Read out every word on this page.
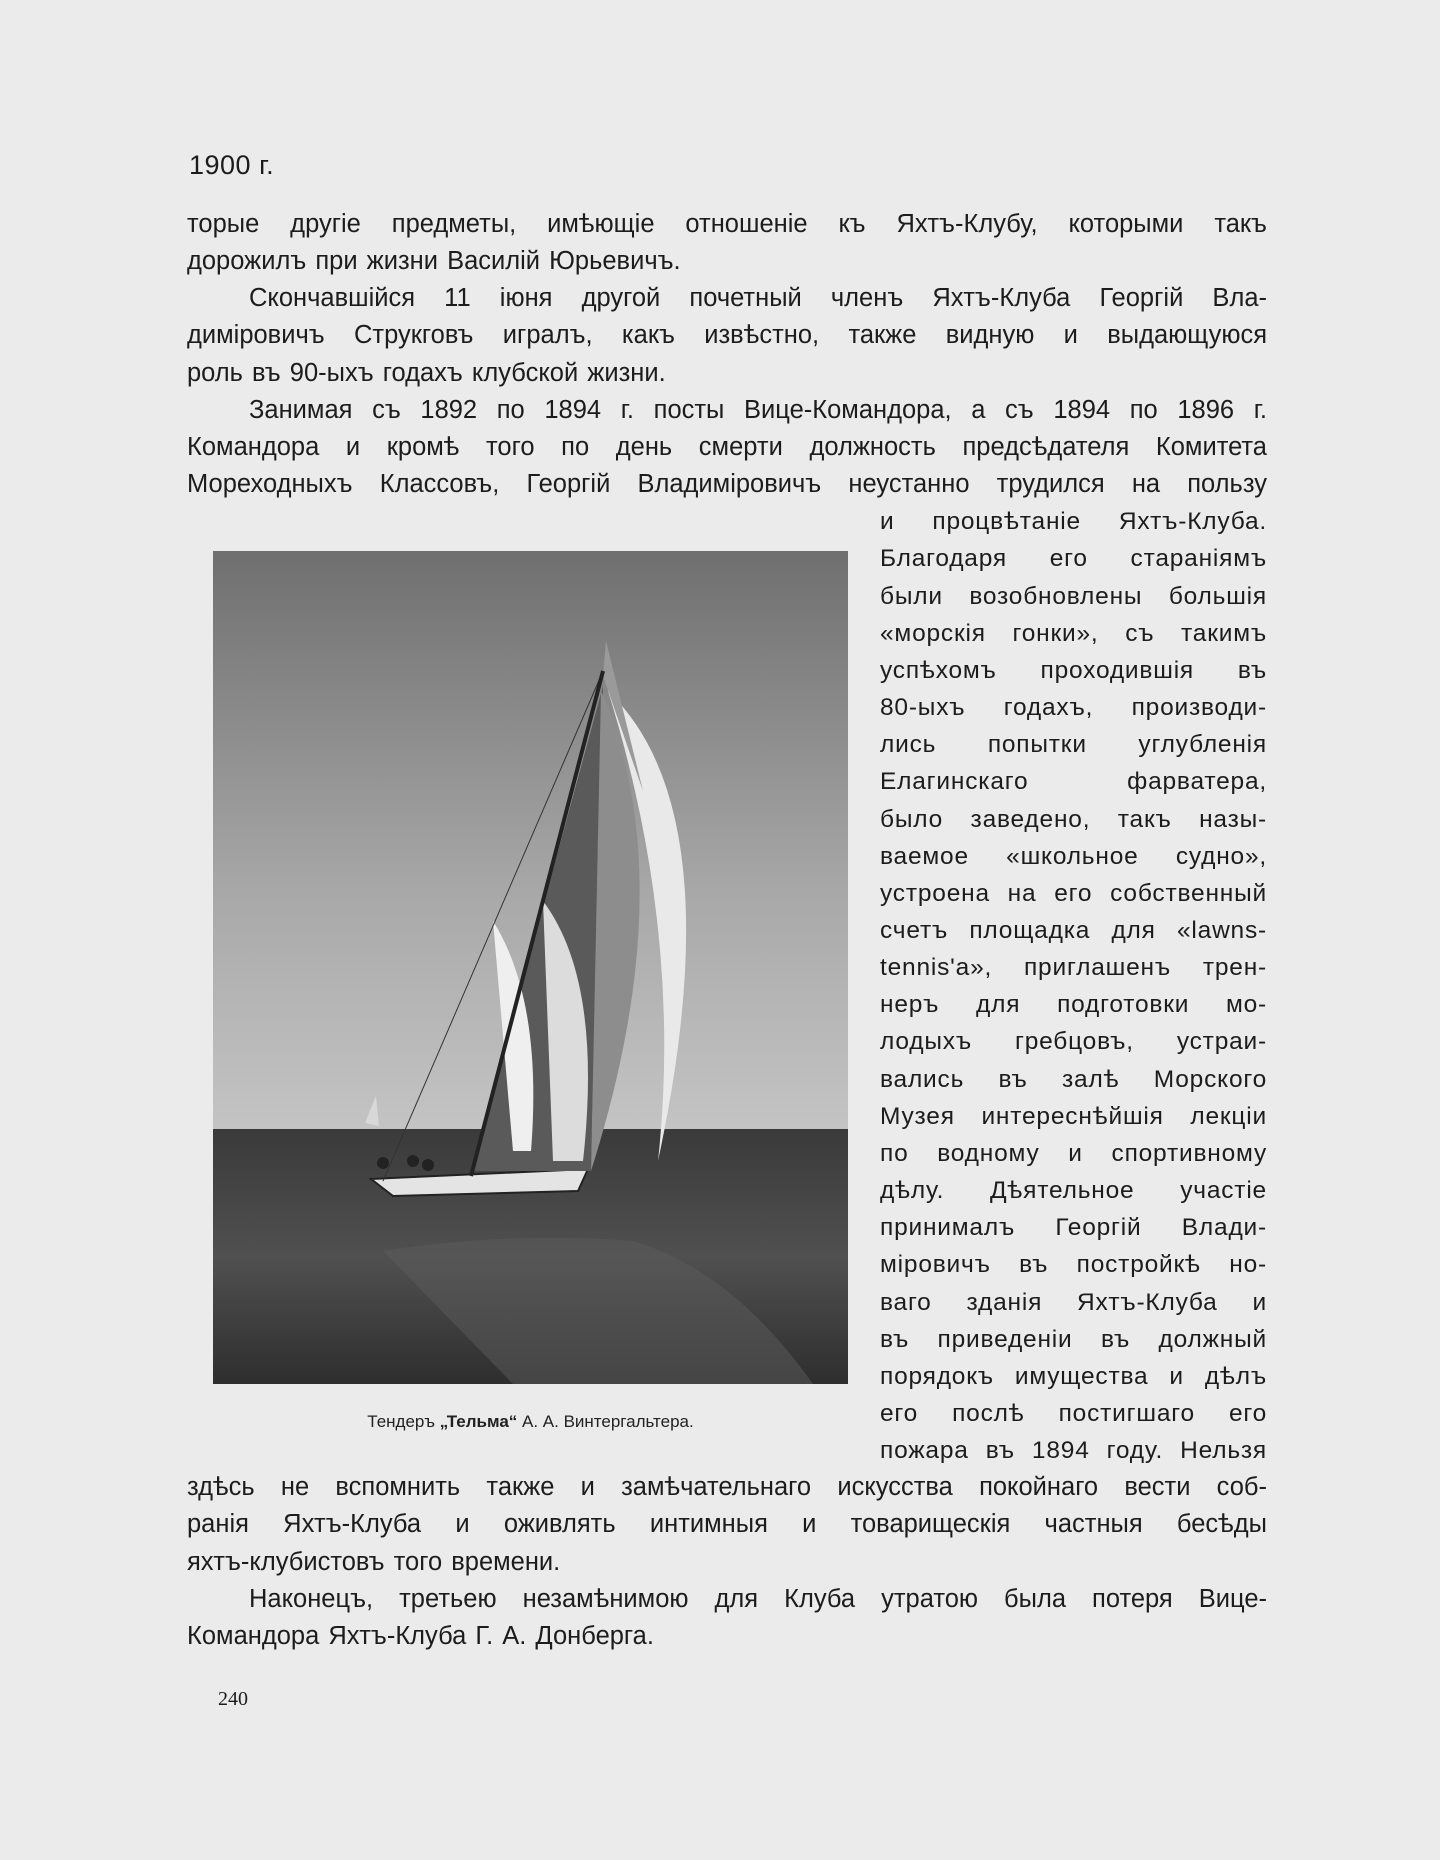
1900 г.
торые другіе предметы, имѣющіе отношеніе къ Яхтъ-Клубу, которыми такъ
дорожилъ при жизни Василій Юрьевичъ.
Скончавшійся 11 іюня другой почетный членъ Яхтъ-Клуба Георгій Вла-
диміровичъ Струкговъ игралъ, какъ извѣстно, также видную и выдающуюся
роль въ 90-ыхъ годахъ клубской жизни.
Занимая съ 1892 по 1894 г. посты Вице-Командора, а съ 1894 по 1896 г.
Командора и кромѣ того по день смерти должность предсѣдателя Комитета
Мореходныхъ Классовъ, Георгій Владиміровичъ неустанно трудился на пользу
и процвѣтаніе Яхтъ-Клуба.
Благодаря его стараніямъ
были возобновлены большія
«морскія гонки», съ такимъ
успѣхомъ проходившія въ
80-ыхъ годахъ, производи-
лись попытки углубленія
Елагинскаго фарватера,
было заведено, такъ назы-
ваемое «школьное судно»,
устроена на его собственный
счетъ площадка для «lawns-
tennis'a», приглашенъ трен-
неръ для подготовки мо-
лодыхъ гребцовъ, устраи-
вались въ залѣ Морского
Музея интереснѣйшія лекціи
по водному и спортивному
дѣлу. Дѣятельное участіе
принималъ Георгій Влади-
міровичъ въ постройкѣ но-
ваго зданія Яхтъ-Клуба и
въ приведеніи въ должный
порядокъ имущества и дѣлъ
его послѣ постигшаго его
пожара въ 1894 году. Нельзя
здѣсь не вспомнить также и замѣчательнаго искусства покойнаго вести соб-
ранія Яхтъ-Клуба и оживлять интимныя и товарищескія частныя бесѣды
яхтъ-клубистовъ того времени.
Наконецъ, третьею незамѣнимою для Клуба утратою была потеря Вице-
Командора Яхтъ-Клуба Г. А. Донберга.
Тендеръ „Тельма“ А. А. Винтергальтера.
240
